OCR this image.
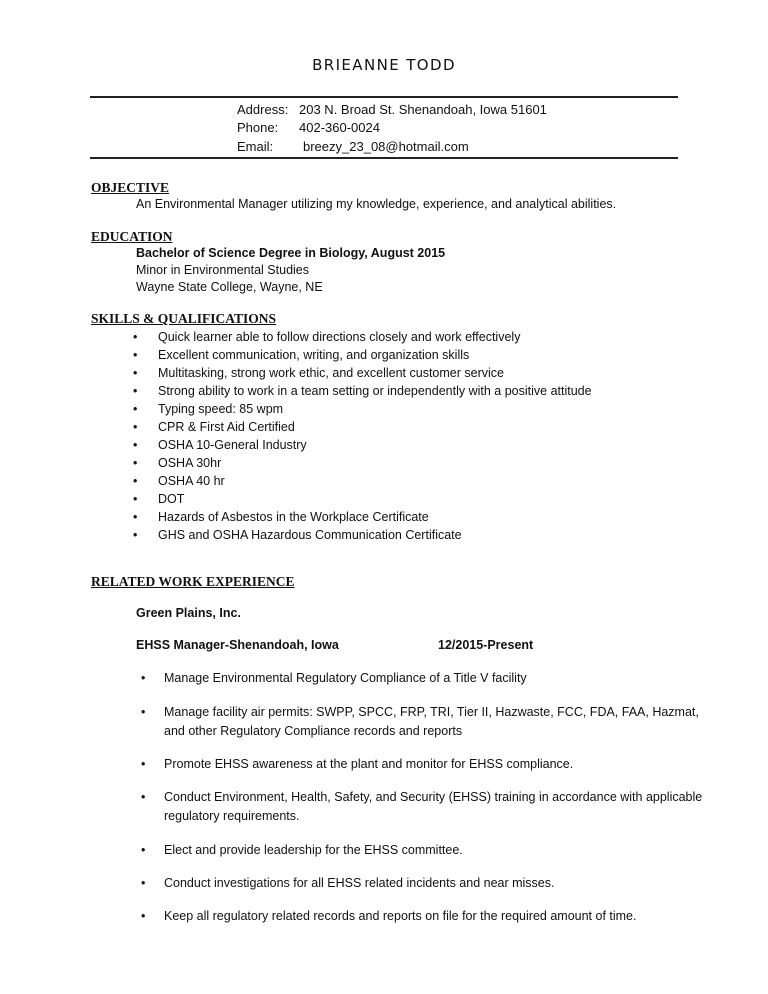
BRIEANNE TODD
Address: 203 N. Broad St. Shenandoah, Iowa 51601
Phone: 402-360-0024
Email: breezy_23_08@hotmail.com
OBJECTIVE
An Environmental Manager utilizing my knowledge, experience, and analytical abilities.
EDUCATION
Bachelor of Science Degree in Biology, August 2015
Minor in Environmental Studies
Wayne State College, Wayne, NE
SKILLS & QUALIFICATIONS
• Quick learner able to follow directions closely and work effectively
• Excellent communication, writing, and organization skills
• Multitasking, strong work ethic, and excellent customer service
• Strong ability to work in a team setting or independently with a positive attitude
• Typing speed: 85 wpm
• CPR & First Aid Certified
• OSHA 10-General Industry
• OSHA 30hr
• OSHA 40 hr
• DOT
• Hazards of Asbestos in the Workplace Certificate
• GHS and OSHA Hazardous Communication Certificate
RELATED WORK EXPERIENCE
Green Plains, Inc.
EHSS Manager-Shenandoah, Iowa	12/2015-Present
• Manage Environmental Regulatory Compliance of a Title V facility
• Manage facility air permits: SWPP, SPCC, FRP, TRI, Tier II, Hazwaste, FCC, FDA, FAA, Hazmat, and other Regulatory Compliance records and reports
• Promote EHSS awareness at the plant and monitor for EHSS compliance.
• Conduct Environment, Health, Safety, and Security (EHSS) training in accordance with applicable regulatory requirements.
• Elect and provide leadership for the EHSS committee.
• Conduct investigations for all EHSS related incidents and near misses.
• Keep all regulatory related records and reports on file for the required amount of time.
